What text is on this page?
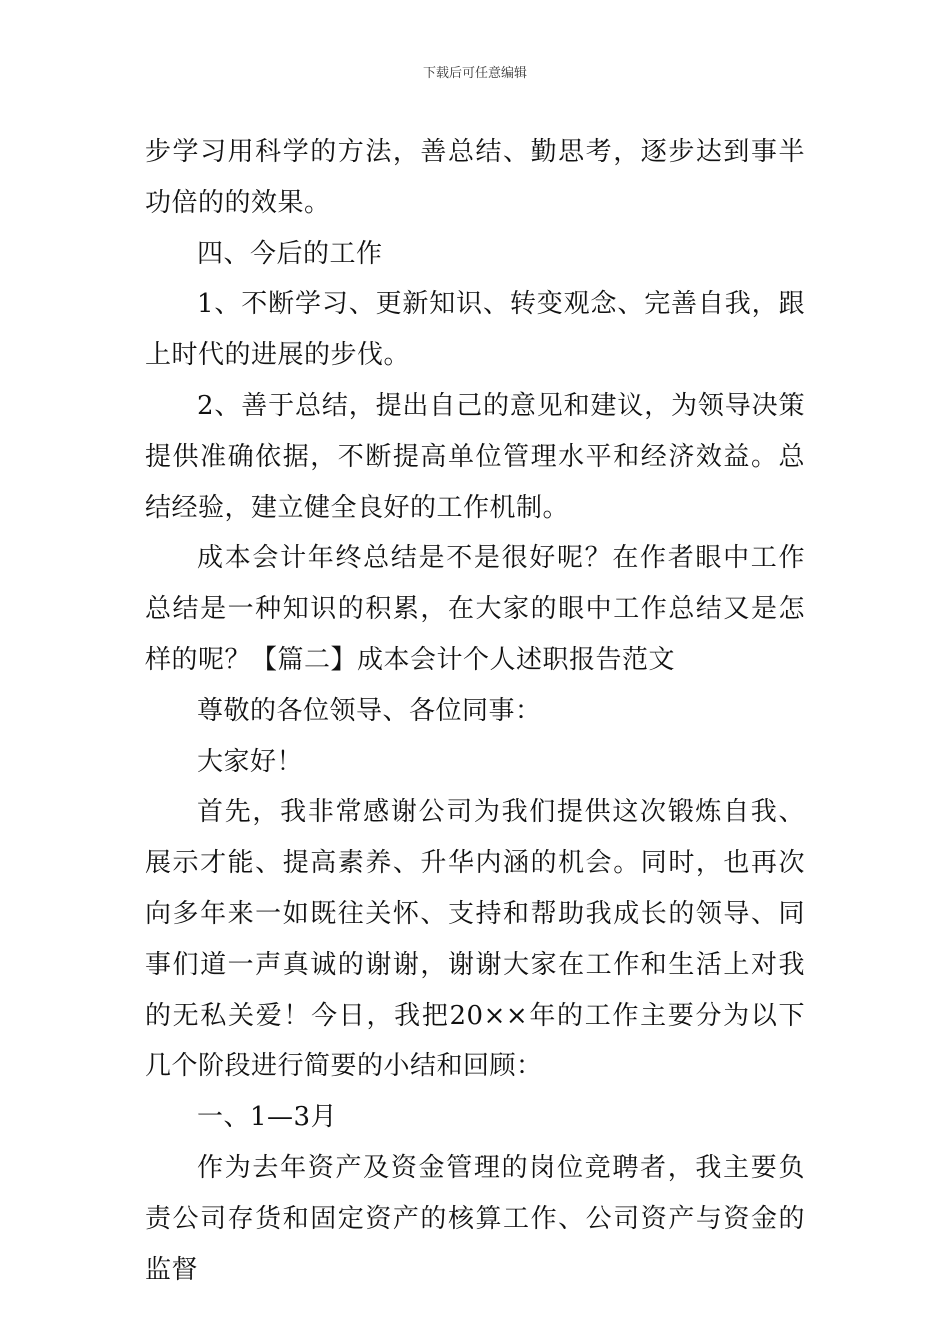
下载后可任意编辑

步学习用科学的方法，善总结、勤思考，逐步达到事半功倍的的效果。

四、今后的工作

1、不断学习、更新知识、转变观念、完善自我，跟上时代的进展的步伐。

2、善于总结，提出自己的意见和建议，为领导决策提供准确依据，不断提高单位管理水平和经济效益。总结经验，建立健全良好的工作机制。

成本会计年终总结是不是很好呢？在作者眼中工作总结是一种知识的积累，在大家的眼中工作总结又是怎样的呢？【篇二】成本会计个人述职报告范文

尊敬的各位领导、各位同事：

大家好！

首先，我非常感谢公司为我们提供这次锻炼自我、展示才能、提高素养、升华内涵的机会。同时，也再次向多年来一如既往关怀、支持和帮助我成长的领导、同事们道一声真诚的谢谢，谢谢大家在工作和生活上对我的无私关爱！今日，我把20××年的工作主要分为以下几个阶段进行简要的小结和回顾：

一、1—3月

作为去年资产及资金管理的岗位竞聘者，我主要负责公司存货和固定资产的核算工作、公司资产与资金的监督
